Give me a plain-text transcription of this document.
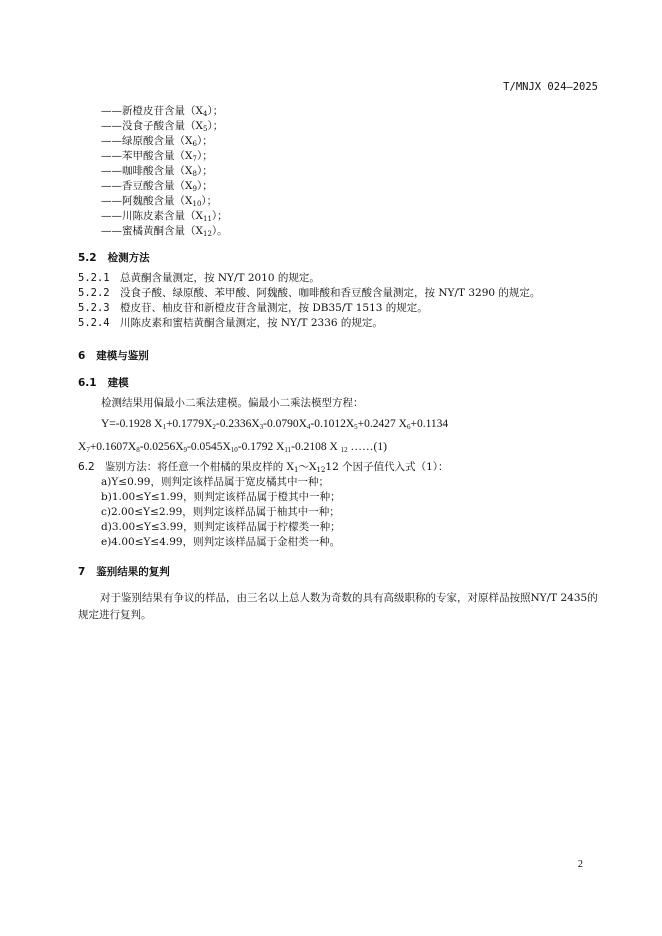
T/MNJX 024—2025
——新橙皮苷含量$(X_4)$；
——没食子酸含量$(X_5)$；
——绿原酸含量$(X_6)$；
——苯甲酸含量$(X_7)$；
——咖啡酸含量$(X_8)$；
——香豆酸含量$(X_9)$；
——阿魏酸含量$(X_{10})$；
——川陈皮素含量$(X_{11})$；
——蜜橘黄酮含量$(X_{12})$。
5.2 检测方法
5.2.1 总黄酮含量测定，按 NY/T 2010 的规定。
5.2.2 没食子酸、绿原酸、苯甲酸、阿魏酸、咖啡酸和香豆酸含量测定，按 NY/T 3290 的规定。
5.2.3 橙皮苷、柚皮苷和新橙皮苷含量测定，按 DB35/T 1513 的规定。
5.2.4 川陈皮素和蜜桔黄酮含量测定，按 NY/T 2336 的规定。
6 建模与鉴别
6.1 建模
检测结果用偏最小二乘法建模。偏最小二乘法模型方程：
Y=-0.1928 $X_1+0.1779X_2-0.2336X_3-0.0790X_4-0.1012X_5+0.2427$ $X_6+0.1134$
$X_7+0.1607X_8-0.0256X_9-0.0545X_{10}-0.1792$ $X_{11}-0.2108$ X $_{12}$ ……(1)
6.2 鉴别方法：将任意一个柑橘的果皮样的 $X_1\sim X_{12}12$ 个因子值代入式（1）：
a)Y≤0.99，则判定该样品属于宽皮橘其中一种；
b)1.00≤Y≤1.99，则判定该样品属于橙其中一种；
c)2.00≤Y≤2.99，则判定该样品属于柚其中一种；
d)3.00≤Y≤3.99，则判定该样品属于柠檬类一种；
e)4.00≤Y≤4.99，则判定该样品属于金柑类一种。
7 鉴别结果的复判
对于鉴别结果有争议的样品，由三名以上总人数为奇数的具有高级职称的专家，对原样品按照NY/T 2435的规定进行复判。
2
